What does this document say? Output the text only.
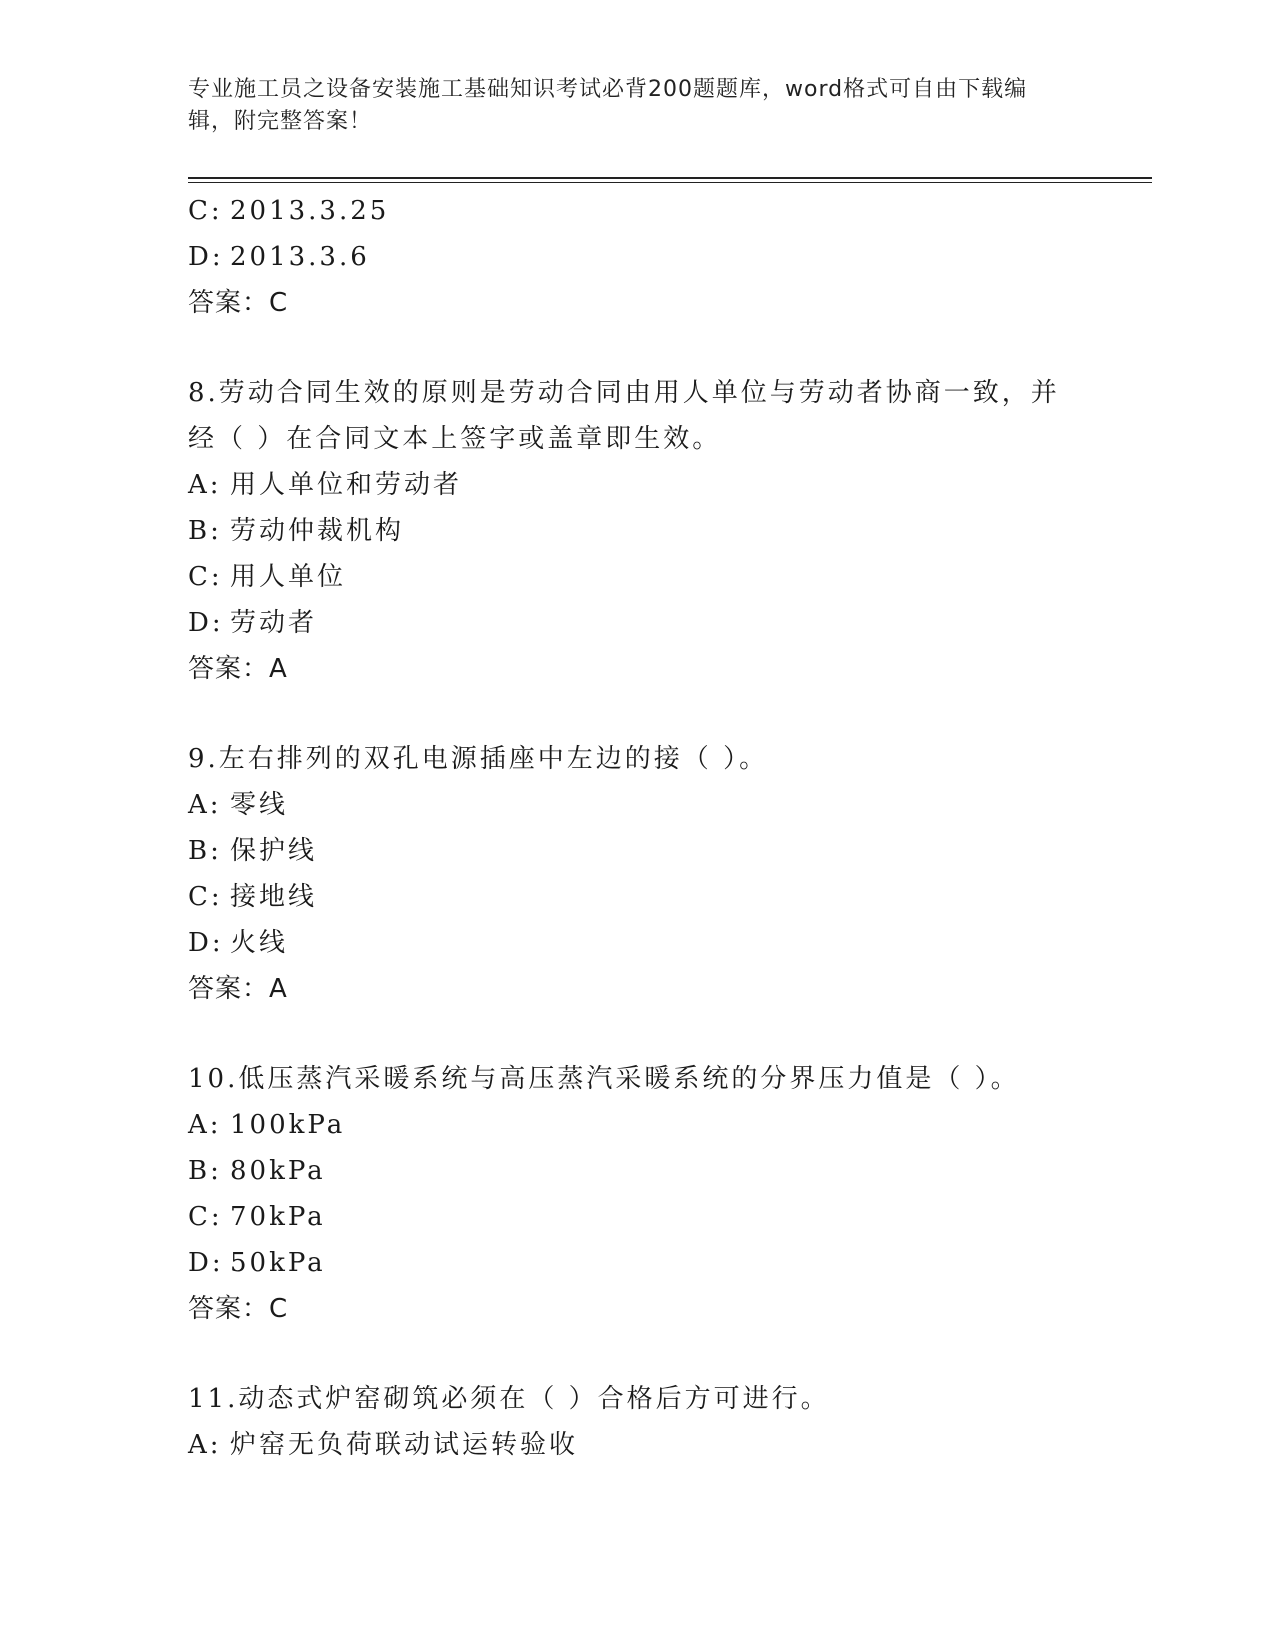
专业施工员之设备安装施工基础知识考试必背200题题库，word格式可自由下载编辑，附完整答案！
C: 2013.3.25
D: 2013.3.6
答案：C
8.劳动合同生效的原则是劳动合同由用人单位与劳动者协商一致，并经（ ）在合同文本上签字或盖章即生效。
A: 用人单位和劳动者
B: 劳动仲裁机构
C: 用人单位
D: 劳动者
答案：A
9.左右排列的双孔电源插座中左边的接（ ）。
A: 零线
B: 保护线
C: 接地线
D: 火线
答案：A
10.低压蒸汽采暖系统与高压蒸汽采暖系统的分界压力值是（ ）。
A: 100kPa
B: 80kPa
C: 70kPa
D: 50kPa
答案：C
11.动态式炉窑砌筑必须在（ ）合格后方可进行。
A: 炉窑无负荷联动试运转验收
